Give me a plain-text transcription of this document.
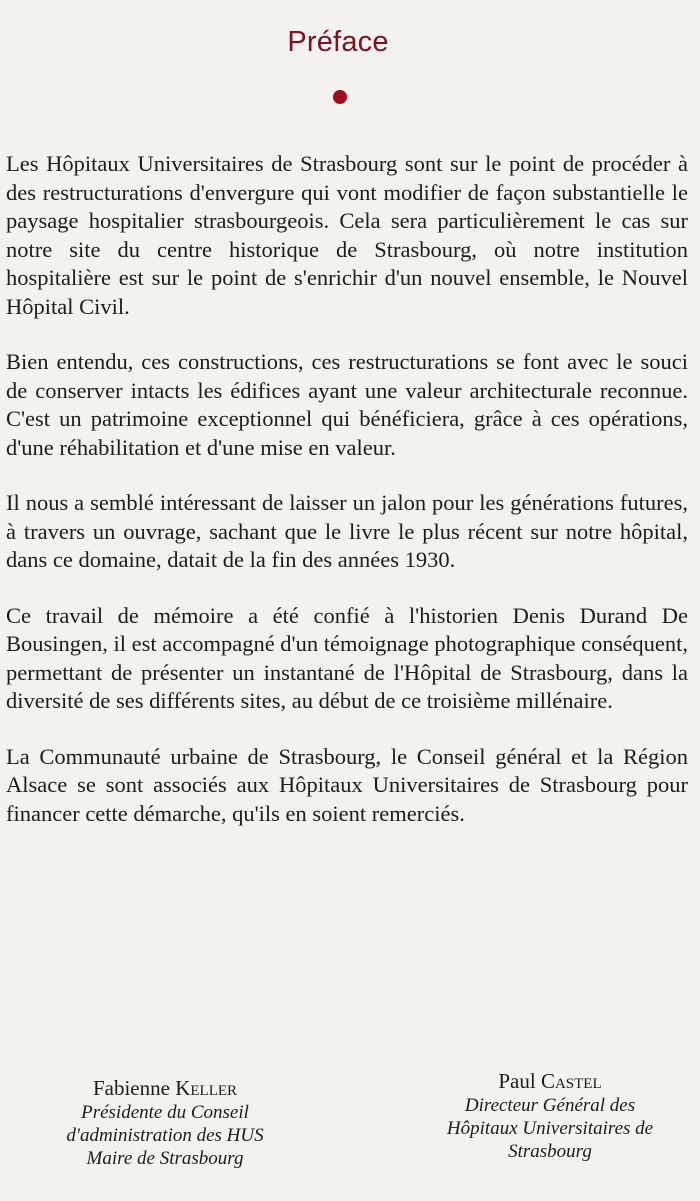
Préface

Les Hôpitaux Universitaires de Strasbourg sont sur le point de procéder à des restructurations d'envergure qui vont modifier de façon substantielle le paysage hospitalier strasbourgeois. Cela sera particulièrement le cas sur notre site du centre historique de Strasbourg, où notre institution hospitalière est sur le point de s'enrichir d'un nouvel ensemble, le Nouvel Hôpital Civil.

Bien entendu, ces constructions, ces restructurations se font avec le souci de conserver intacts les édifices ayant une valeur architecturale reconnue. C'est un patrimoine exceptionnel qui bénéficiera, grâce à ces opérations, d'une réhabilitation et d'une mise en valeur.

Il nous a semblé intéressant de laisser un jalon pour les générations futures, à travers un ouvrage, sachant que le livre le plus récent sur notre hôpital, dans ce domaine, datait de la fin des années 1930.

Ce travail de mémoire a été confié à l'historien Denis Durand De Bousingen, il est accompagné d'un témoignage photographique conséquent, permettant de présenter un instantané de l'Hôpital de Strasbourg, dans la diversité de ses différents sites, au début de ce troisième millénaire.

La Communauté urbaine de Strasbourg, le Conseil général et la Région Alsace se sont associés aux Hôpitaux Universitaires de Strasbourg pour financer cette démarche, qu'ils en soient remerciés.

Fabienne Keller
Présidente du Conseil
d'administration des HUS
Maire de Strasbourg
Paul Castel
Directeur Général des
Hôpitaux Universitaires de
Strasbourg
